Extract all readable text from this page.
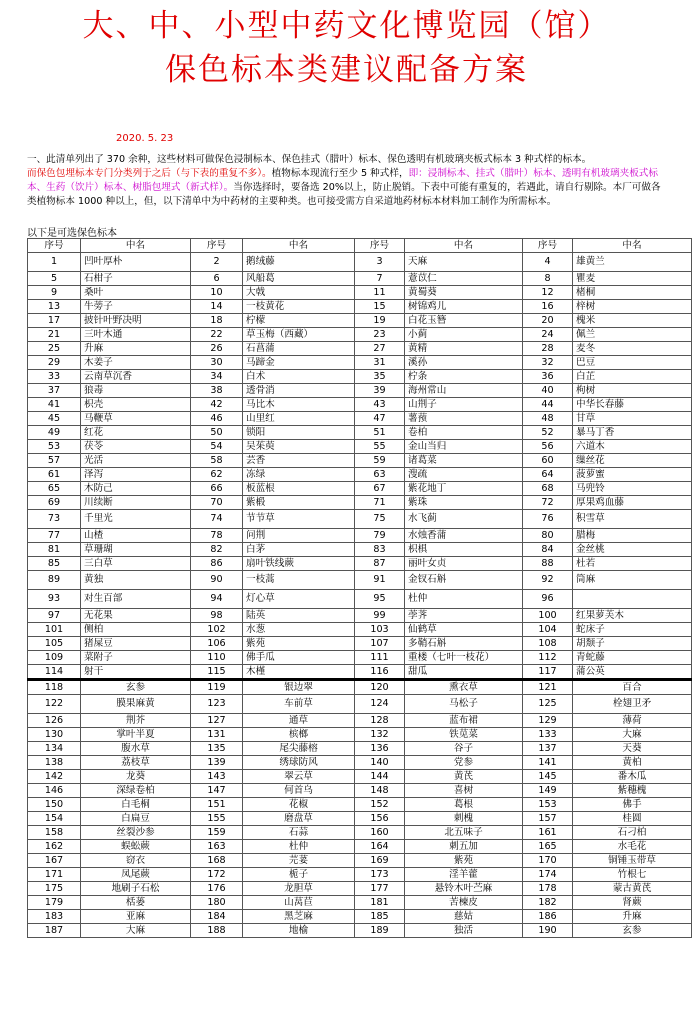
大、中、小型中药文化博览园（馆）
保色标本类建议配备方案
2020. 5. 23
一、此清单列出了 370 余种，这些材料可做保色浸制标本、保色挂式（腊叶）标本、保色透明有机玻璃夹板式标本 3 种式样的标本。
而保色包埋标本专门分类列于之后（与下表的重复不多）。植物标本现流行至少 5 种式样，即：浸制标本、挂式（腊叶）标本、透明有机玻璃夹板式标本、生药（饮片）标本、树脂包埋式（新式样）。当你选择时，要备选 20%以上，防止脱销。下表中可能有重复的，若遇此，请自行剔除。本厂可做各类植物标本 1000 种以上，但，以下清单中为中药材的主要种类。也可接受需方自采道地药材标本材料加工制作为所需标本。
以下是可选保色标本
序号	中名	序号	中名	序号	中名	序号	中名
1	凹叶厚朴	2	鹅绒藤	3	天麻	4	雄黄兰
5	石柑子	6	风船葛	7	薏苡仁	8	瞿麦
9	桑叶	10	大戟	11	黄蜀葵	12	楮桐
13	牛蒡子	14	一枝黄花	15	树锦鸡儿	16	梓树
17	披针叶野决明	18	柠檬	19	白花玉簪	20	槐米
21	三叶木通	22	草玉梅（西藏）	23	小蓟	24	佩兰
25	升麻	26	石菖蒲	27	黄精	28	麦冬
29	木姜子	30	马蹄金	31	溪孙	32	巴豆
33	云南草沉香	34	白术	35	柠条	36	白芷
37	狼毒	38	透骨消	39	海州常山	40	枸树
41	枳壳	42	马比木	43	山荆子	44	中华长春藤
45	马鞭草	46	山里红	47	薯蓣	48	甘草
49	红花	50	锁阳	51	卷柏	52	暴马丁香
53	茯苓	54	吴茱萸	55	金山当归	56	六道木
57	光活	58	芸香	59	诸葛菜	60	缫丝花
61	泽泻	62	冻绿	63	溲疏	64	菠萝蜜
65	木防己	66	板蓝根	67	紫花地丁	68	马兜铃
69	川续断	70	紫椴	71	紫珠	72	厚果鸡血藤
73	千里光	74	节节草	75	水飞蓟	76	积雪草
77	山楂	78	问荆	79	水烛香蒲	80	腊梅
81	草珊瑚	82	白茅	83	枳椇	84	金丝桃
85	三白草	86	扇叶铁线蕨	87	丽叶女贞	88	杜若
89	黄独	90	一枝蒿	91	金钗石斛	92	筒麻
93	对生百部	94	灯心草	95	杜仲	96	
97	无花果	98	陆英	99	荸荠	100	红果萝芙木
101	侧柏	102	水葱	103	仙鹤草	104	蛇床子
105	猪屎豆	106	紫苑	107	多鞘石斛	108	胡颓子
109	菜附子	110	佛手瓜	111	重楼（七叶一枝花）	112	青蛇藤
114	射干	115	木槿	116	甜瓜	117	蒲公英
118	玄参	119	银边翠	120	熏衣草	121	百合
122	膜果麻黄	123	车前草	124	马松子	125	栓翅卫矛
126	荆芥	127	通草	128	蓝布裙	129	薄荷
130	掌叶半夏	131	槟榔	132	铁苋菜	133	大麻
134	腹水草	135	尾尖藤榕	136	谷子	137	天葵
138	荔枝草	139	绣球防风	140	党参	141	黄柏
142	龙葵	143	翠云草	144	黄芪	145	番木瓜
146	深绿卷柏	147	何首乌	148	喜树	149	紫穗槐
150	白毛桐	151	花椒	152	葛根	153	佛手
154	白扁豆	155	磨盘草	156	刺槐	157	桂圆
158	丝裂沙参	159	石蒜	160	北五味子	161	石刁柏
162	蜈蚣蕨	163	杜仲	164	刺五加	165	水毛花
167	窃衣	168	芫荽	169	紫苑	170	铜锤玉带草
171	凤尾蕨	172	栀子	173	淫羊藿	174	竹根七
175	地刷子石松	176	龙胆草	177	悬铃木叶苎麻	178	蒙古黄芪
179	栝蒌	180	山莴苣	181	苦楝皮	182	肾蕨
183	亚麻	184	黑芝麻	185	慈姑	186	升麻
187	大麻	188	地榆	189	独活	190	玄参
